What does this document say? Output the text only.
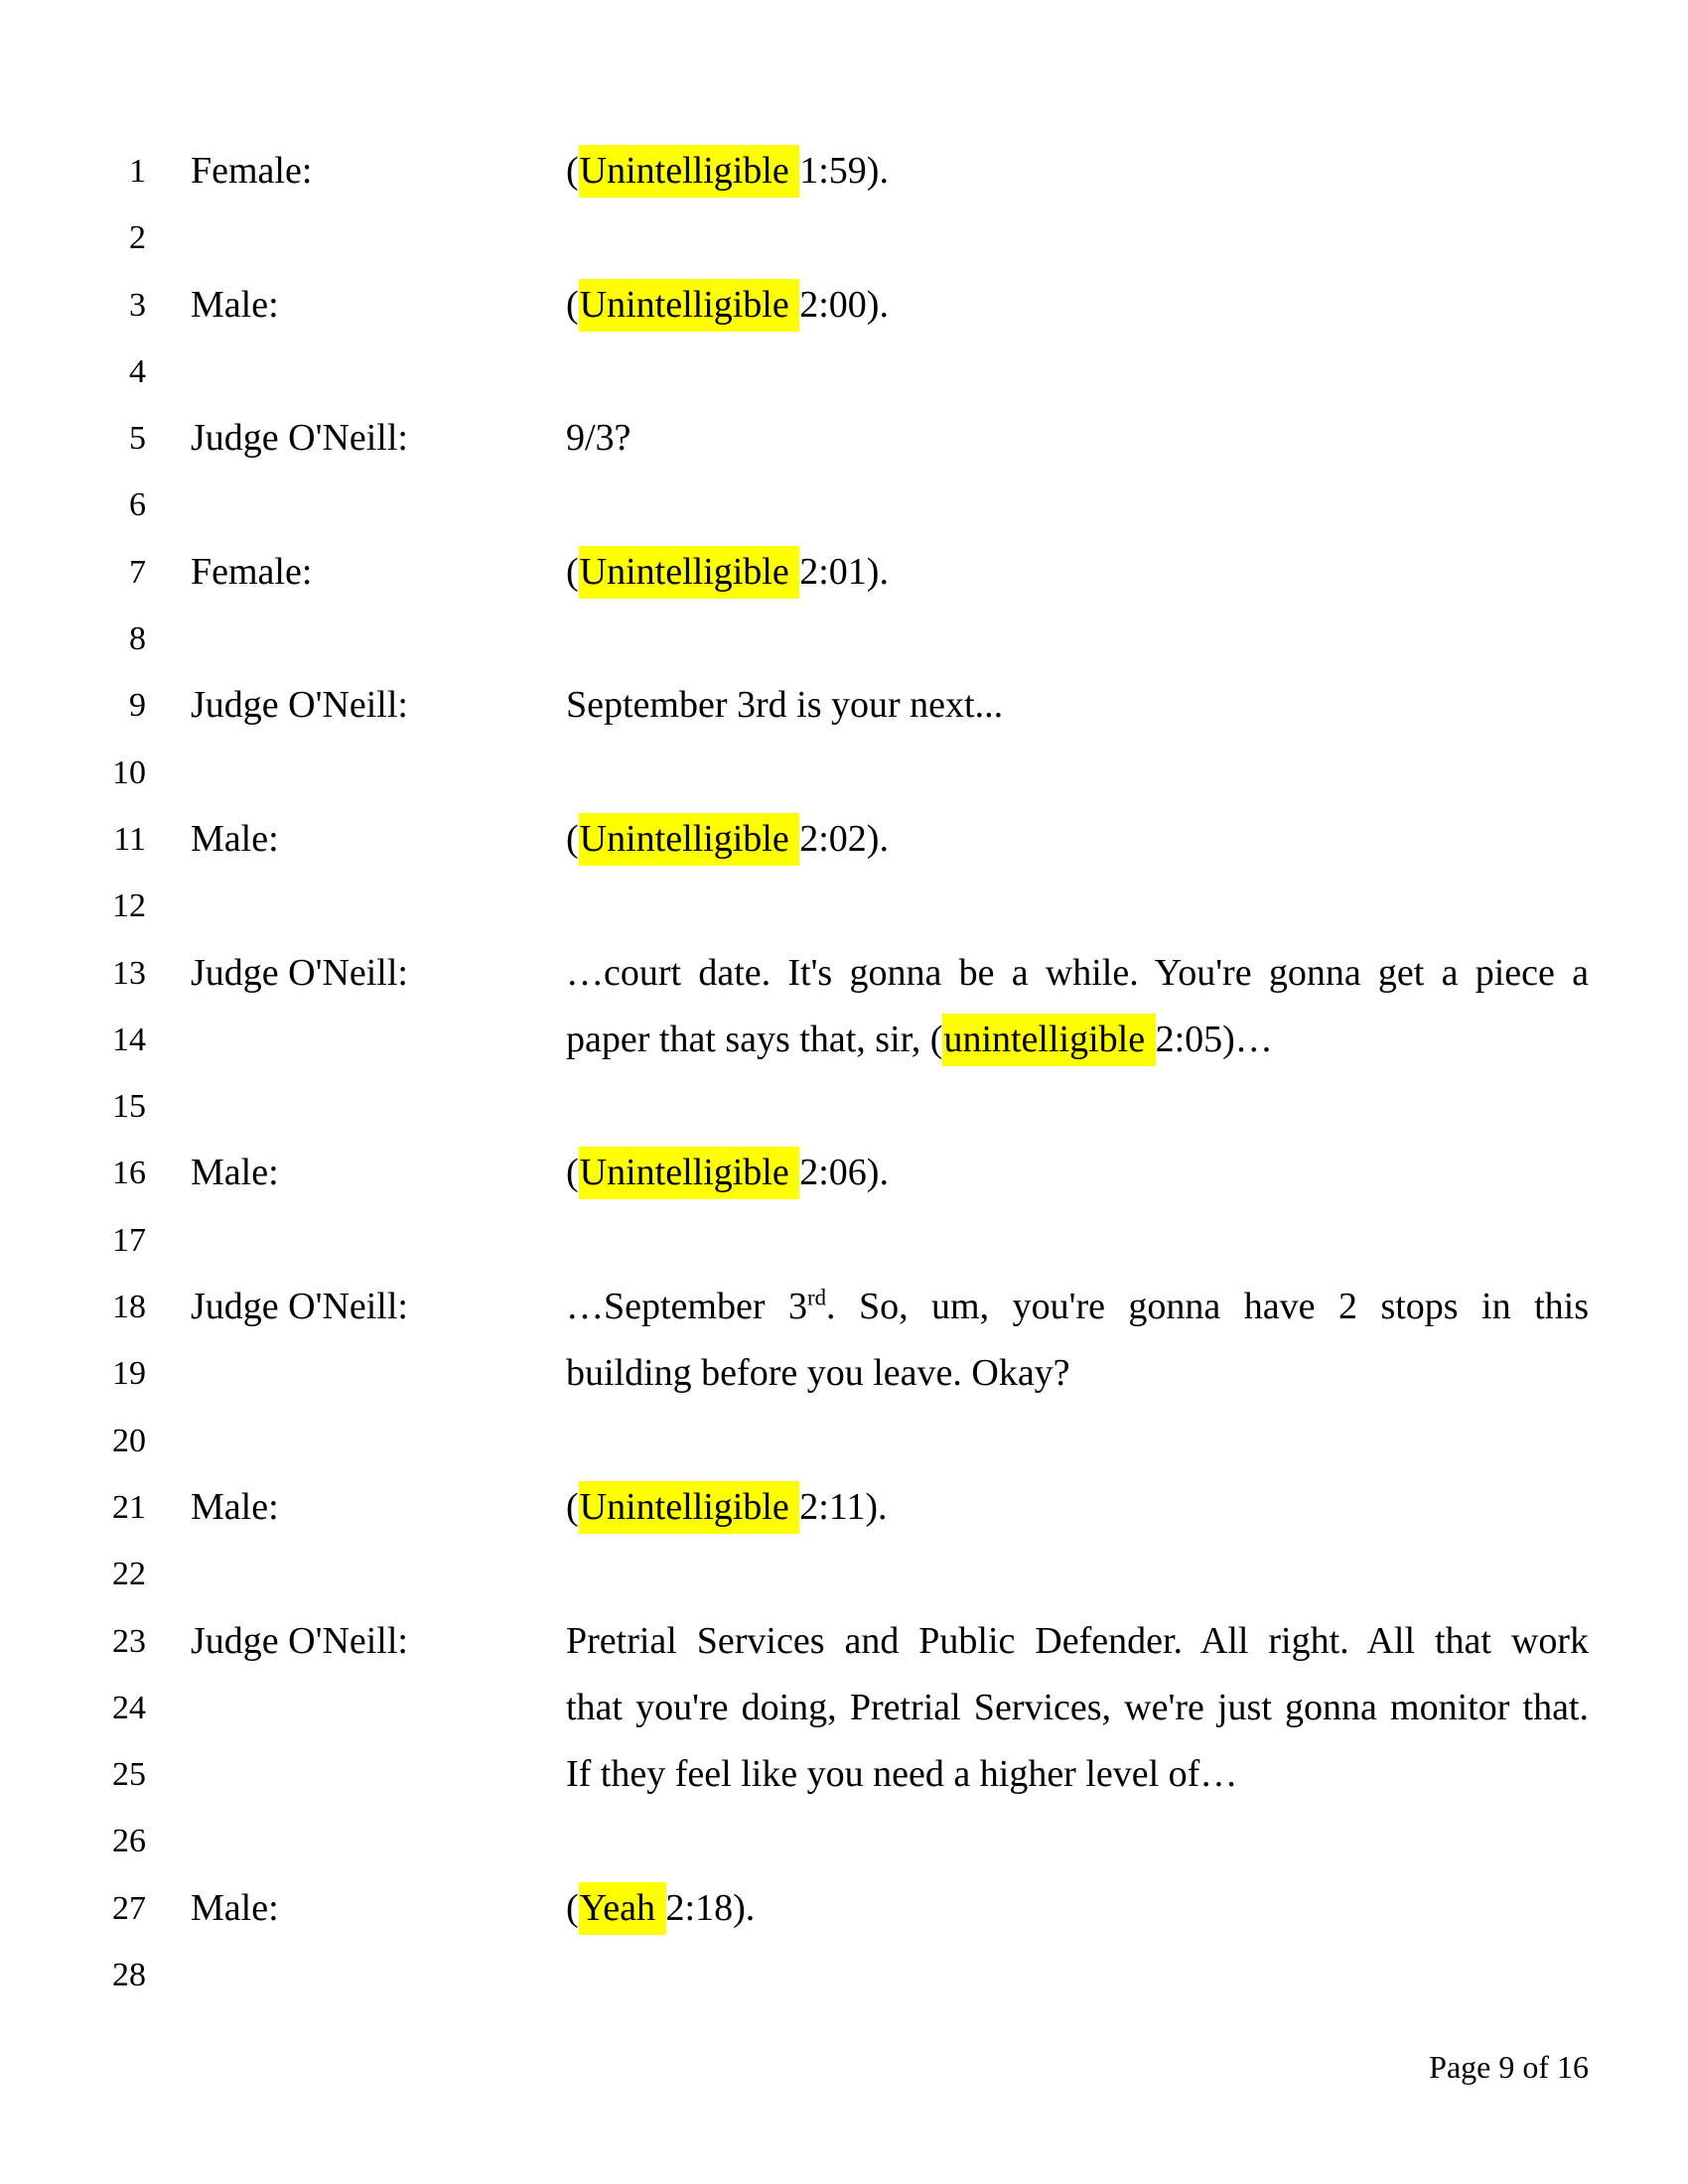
1 Female:	(Unintelligible 1:59).
2
3 Male:	(Unintelligible 2:00).
4
5 Judge O'Neill:	9/3?
6
7 Female:	(Unintelligible 2:01).
8
9 Judge O'Neill:	September 3rd is your next...
10
11 Male:	(Unintelligible 2:02).
12
13 Judge O'Neill:	…court date. It's gonna be a while. You're gonna get a piece a
14	paper that says that, sir, (unintelligible 2:05)…
15
16 Male:	(Unintelligible 2:06).
17
18 Judge O'Neill:	…September 3rd. So, um, you're gonna have 2 stops in this
19	building before you leave. Okay?
20
21 Male:	(Unintelligible 2:11).
22
23 Judge O'Neill:	Pretrial Services and Public Defender. All right. All that work
24	that you're doing, Pretrial Services, we're just gonna monitor that.
25	If they feel like you need a higher level of…
26
27 Male:	(Yeah 2:18).
28
Page 9 of 16
